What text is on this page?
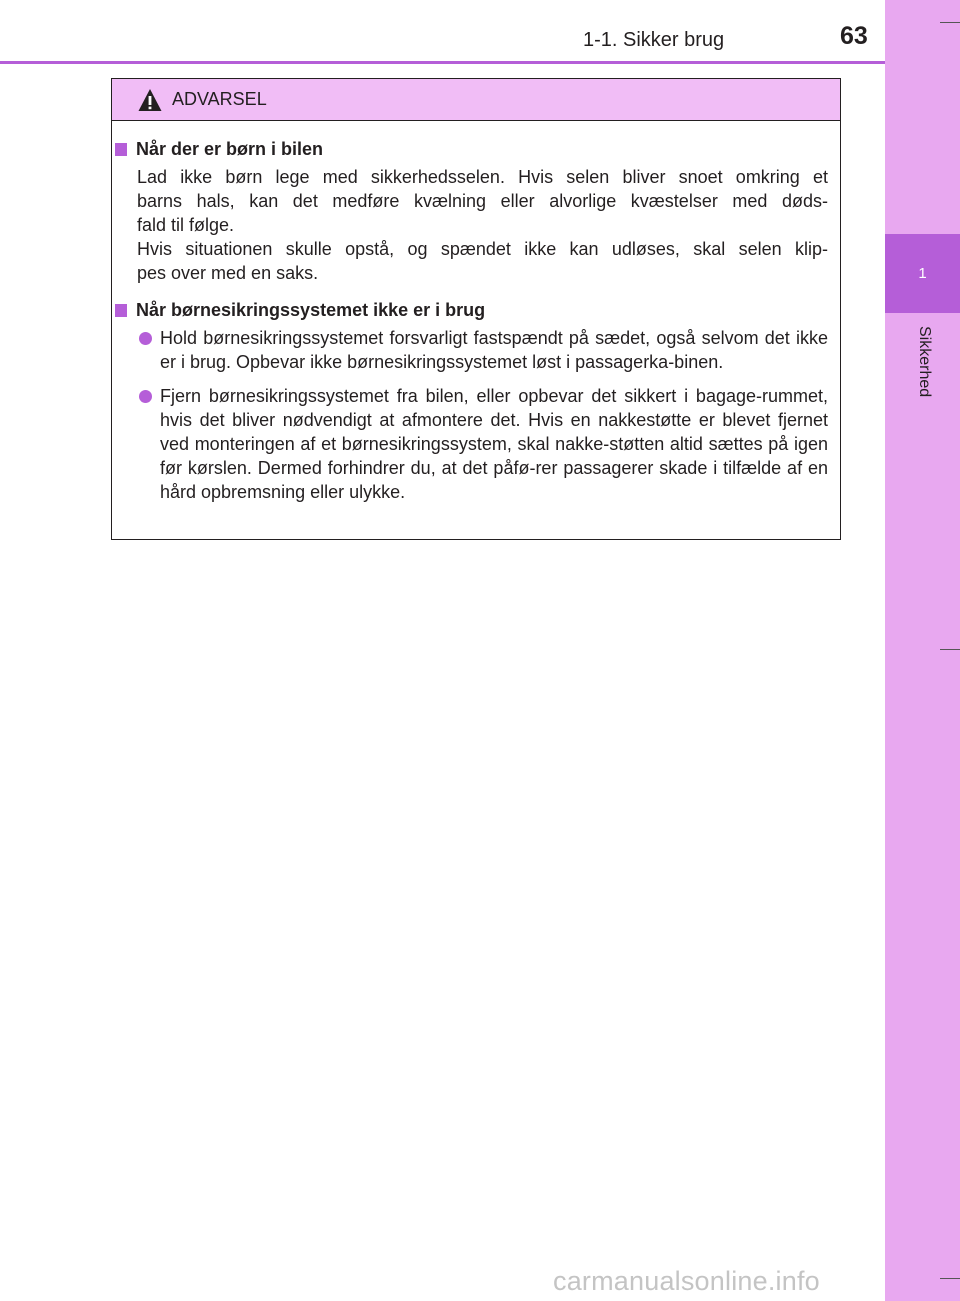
1
Sikkerhed
1-1. Sikker brug	63
ADVARSEL
Når der er børn i bilen
Lad ikke børn lege med sikkerhedsselen. Hvis selen bliver snoet omkring et
barns hals, kan det medføre kvælning eller alvorlige kvæstelser med døds-
fald til følge.
Hvis situationen skulle opstå, og spændet ikke kan udløses, skal selen klip-
pes over med en saks.
Når børnesikringssystemet ikke er i brug
Hold børnesikringssystemet forsvarligt fastspændt på sædet, også selvom det ikke er i brug. Opbevar ikke børnesikringssystemet løst i passagerka-binen.
Fjern børnesikringssystemet fra bilen, eller opbevar det sikkert i bagage-rummet, hvis det bliver nødvendigt at afmontere det. Hvis en nakkestøtte er blevet fjernet ved monteringen af et børnesikringssystem, skal nakke-støtten altid sættes på igen før kørslen. Dermed forhindrer du, at det påfø-rer passagerer skade i tilfælde af en hård opbremsning eller ulykke.
carmanualsonline.info
